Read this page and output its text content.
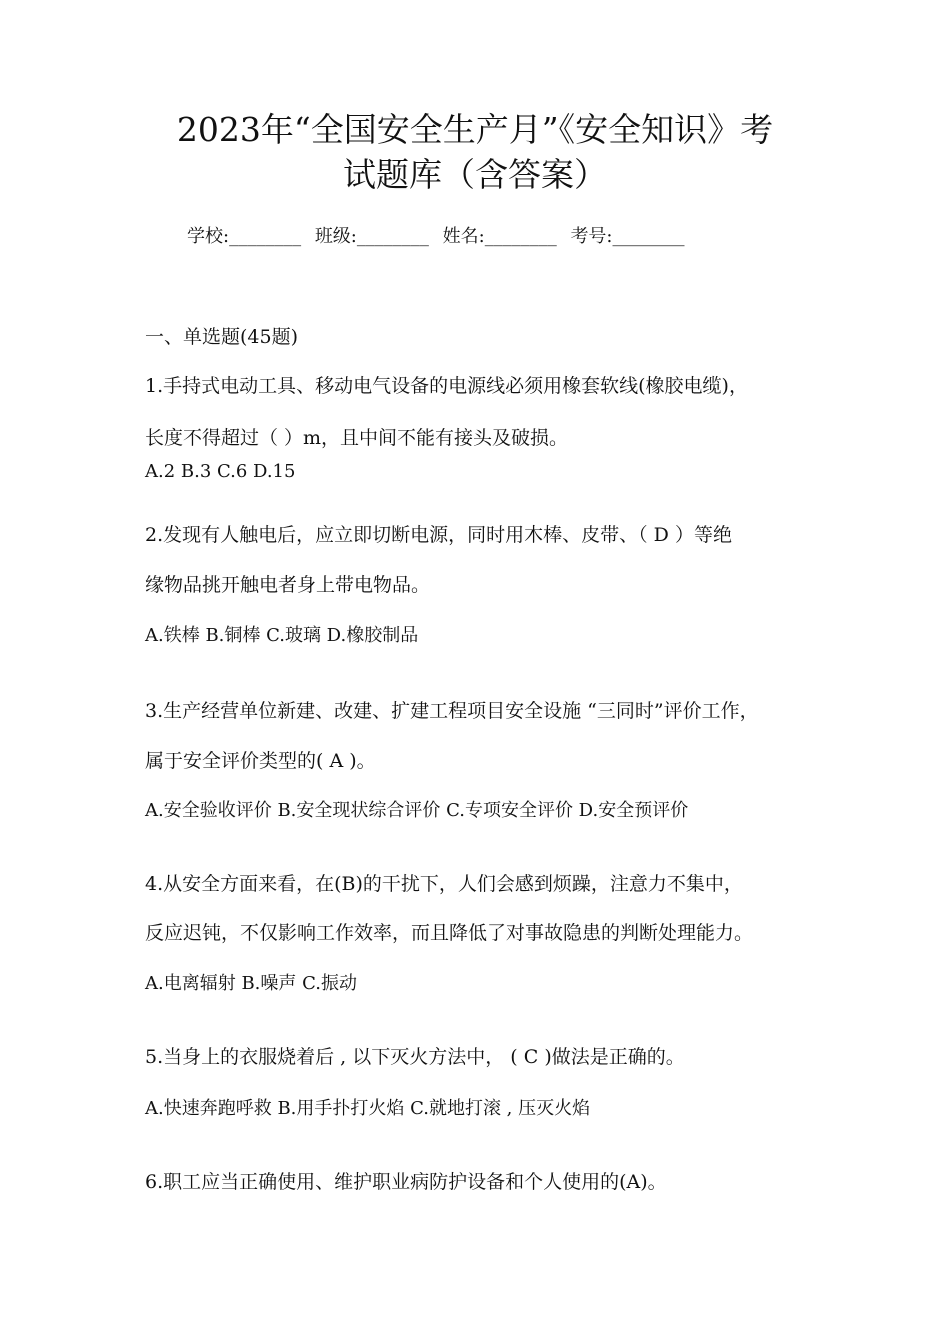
2023年“全国安全生产月”《安全知识》考
试题库（含答案）
学校:________ 班级:________ 姓名:________ 考号:________
一、单选题(45题)
1.手持式电动工具、移动电气设备的电源线必须用橡套软线(橡胶电缆)，
长度不得超过（ ）m，且中间不能有接头及破损。
A.2 B.3 C.6 D.15
2.发现有人触电后，应立即切断电源，同时用木棒、皮带、（ D ）等绝
缘物品挑开触电者身上带电物品。
A.铁棒 B.铜棒 C.玻璃 D.橡胶制品
3.生产经营单位新建、改建、扩建工程项目安全设施 “三同时”评价工作，
属于安全评价类型的( A )。
A.安全验收评价 B.安全现状综合评价 C.专项安全评价 D.安全预评价
4.从安全方面来看，在(B)的干扰下，人们会感到烦躁，注意力不集中，
反应迟钝，不仅影响工作效率，而且降低了对事故隐患的判断处理能力。
A.电离辐射 B.噪声 C.振动
5.当身上的衣服烧着后 , 以下灭火方法中， ( C )做法是正确的。
A.快速奔跑呼救 B.用手扑打火焰 C.就地打滚 , 压灭火焰
6.职工应当正确使用、维护职业病防护设备和个人使用的(A)。
